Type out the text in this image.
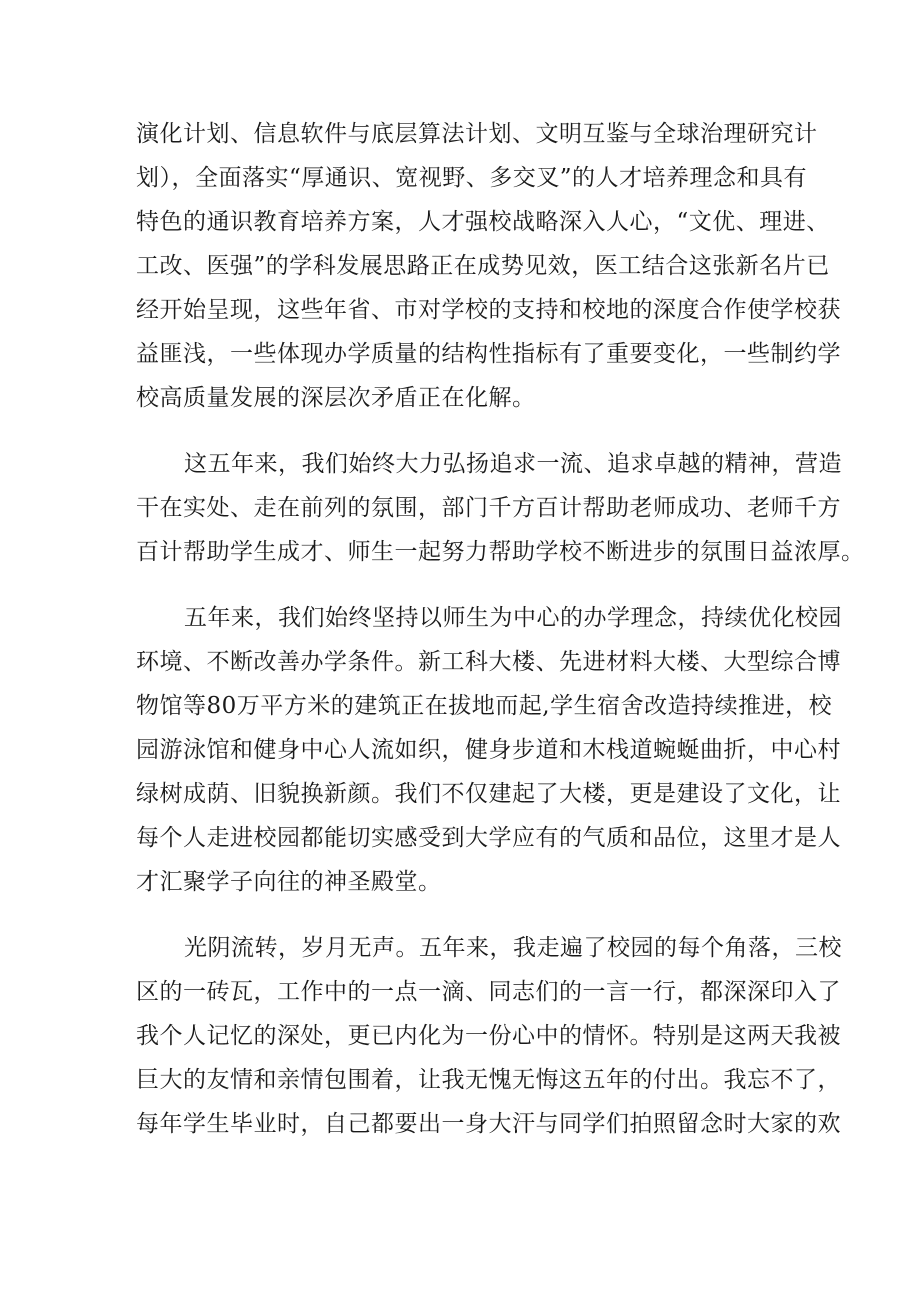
演化计划、信息软件与底层算法计划、文明互鉴与全球治理研究计
划），全面落实“厚通识、宽视野、多交叉”的人才培养理念和具有
特色的通识教育培养方案，人才强校战略深入人心，“文优、理进、
工改、医强”的学科发展思路正在成势见效，医工结合这张新名片已
经开始呈现，这些年省、市对学校的支持和校地的深度合作使学校获
益匪浅，一些体现办学质量的结构性指标有了重要变化，一些制约学
校高质量发展的深层次矛盾正在化解。
这五年来，我们始终大力弘扬追求一流、追求卓越的精神，营造
干在实处、走在前列的氛围，部门千方百计帮助老师成功、老师千方
百计帮助学生成才、师生一起努力帮助学校不断进步的氛围日益浓厚。
五年来，我们始终坚持以师生为中心的办学理念，持续优化校园
环境、不断改善办学条件。新工科大楼、先进材料大楼、大型综合博
物馆等80万平方米的建筑正在拔地而起,学生宿舍改造持续推进，校
园游泳馆和健身中心人流如织，健身步道和木栈道蜿蜒曲折，中心村
绿树成荫、旧貌换新颜。我们不仅建起了大楼，更是建设了文化，让
每个人走进校园都能切实感受到大学应有的气质和品位，这里才是人
才汇聚学子向往的神圣殿堂。
光阴流转，岁月无声。五年来，我走遍了校园的每个角落，三校
区的一砖瓦，工作中的一点一滴、同志们的一言一行，都深深印入了
我个人记忆的深处，更已内化为一份心中的情怀。特别是这两天我被
巨大的友情和亲情包围着，让我无愧无悔这五年的付出。我忘不了，
每年学生毕业时，自己都要出一身大汗与同学们拍照留念时大家的欢
